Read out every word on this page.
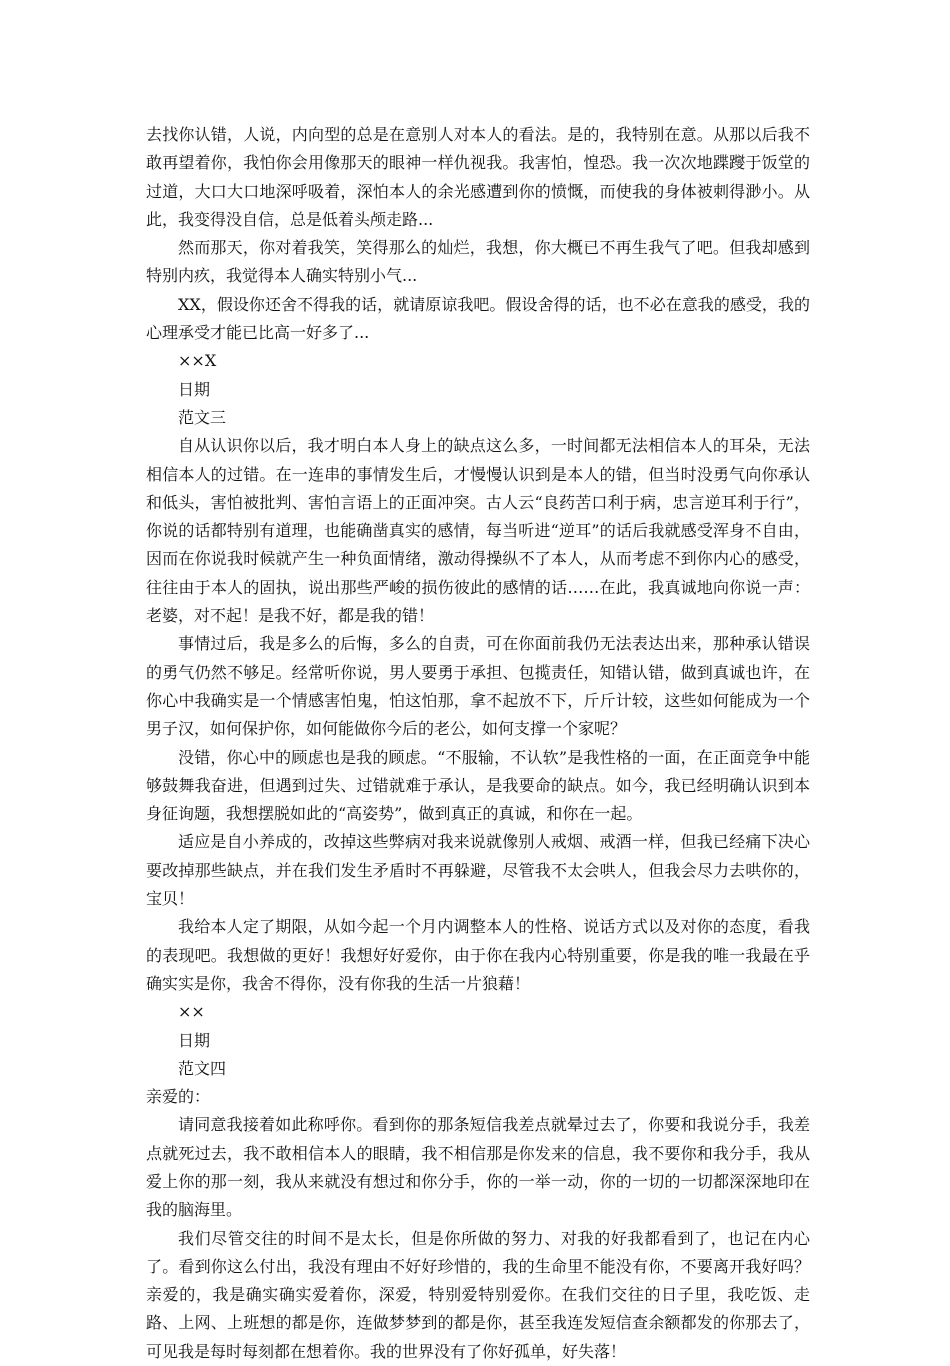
去找你认错，人说，内向型的总是在意别人对本人的看法。是的，我特别在意。从那以后我不敢再望着你，我怕你会用像那天的眼神一样仇视我。我害怕，惶恐。我一次次地蹀躞于饭堂的过道，大口大口地深呼吸着，深怕本人的余光感遭到你的愤慨，而使我的身体被刺得渺小。从此，我变得没自信，总是低着头颅走路...

然而那天，你对着我笑，笑得那么的灿烂，我想，你大概已不再生我气了吧。但我却感到特别内疚，我觉得本人确实特别小气...

XX，假设你还舍不得我的话，就请原谅我吧。假设舍得的话，也不必在意我的感受，我的心理承受才能已比高一好多了...

××X

日期

范文三

自从认识你以后，我才明白本人身上的缺点这么多，一时间都无法相信本人的耳朵，无法相信本人的过错。在一连串的事情发生后，才慢慢认识到是本人的错，但当时没勇气向你承认和低头，害怕被批判、害怕言语上的正面冲突。古人云“良药苦口利于病，忠言逆耳利于行”，你说的话都特别有道理，也能确凿真实的感情，每当听进“逆耳”的话后我就感受浑身不自由，因而在你说我时候就产生一种负面情绪，激动得操纵不了本人，从而考虑不到你内心的感受，往往由于本人的固执，说出那些严峻的损伤彼此的感情的话……在此，我真诚地向你说一声：老婆，对不起！是我不好，都是我的错！

事情过后，我是多么的后悔，多么的自责，可在你面前我仍无法表达出来，那种承认错误的勇气仍然不够足。经常听你说，男人要勇于承担、包揽责任，知错认错，做到真诚也许，在你心中我确实是一个情感害怕鬼，怕这怕那，拿不起放不下，斤斤计较，这些如何能成为一个男子汉，如何保护你，如何能做你今后的老公，如何支撑一个家呢？

没错，你心中的顾虑也是我的顾虑。“不服输，不认软”是我性格的一面，在正面竞争中能够鼓舞我奋进，但遇到过失、过错就难于承认，是我要命的缺点。如今，我已经明确认识到本身征询题，我想摆脱如此的“高姿势”，做到真正的真诚，和你在一起。

适应是自小养成的，改掉这些弊病对我来说就像别人戒烟、戒酒一样，但我已经痛下决心要改掉那些缺点，并在我们发生矛盾时不再躲避，尽管我不太会哄人，但我会尽力去哄你的，宝贝！

我给本人定了期限，从如今起一个月内调整本人的性格、说话方式以及对你的态度，看我的表现吧。我想做的更好！我想好好爱你，由于你在我内心特别重要，你是我的唯一我最在乎确实实是你，我舍不得你，没有你我的生活一片狼藉！

××

日期

范文四

亲爱的：

请同意我接着如此称呼你。看到你的那条短信我差点就晕过去了，你要和我说分手，我差点就死过去，我不敢相信本人的眼睛，我不相信那是你发来的信息，我不要你和我分手，我从爱上你的那一刻，我从来就没有想过和你分手，你的一举一动，你的一切的一切都深深地印在我的脑海里。

我们尽管交往的时间不是太长，但是你所做的努力、对我的好我都看到了，也记在内心了。看到你这么付出，我没有理由不好好珍惜的，我的生命里不能没有你，不要离开我好吗？亲爱的，我是确实确实爱着你，深爱，特别爱特别爱你。在我们交往的日子里，我吃饭、走路、上网、上班想的都是你，连做梦梦到的都是你，甚至我连发短信查余额都发的你那去了，可见我是每时每刻都在想着你。我的世界没有了你好孤单，好失落！
